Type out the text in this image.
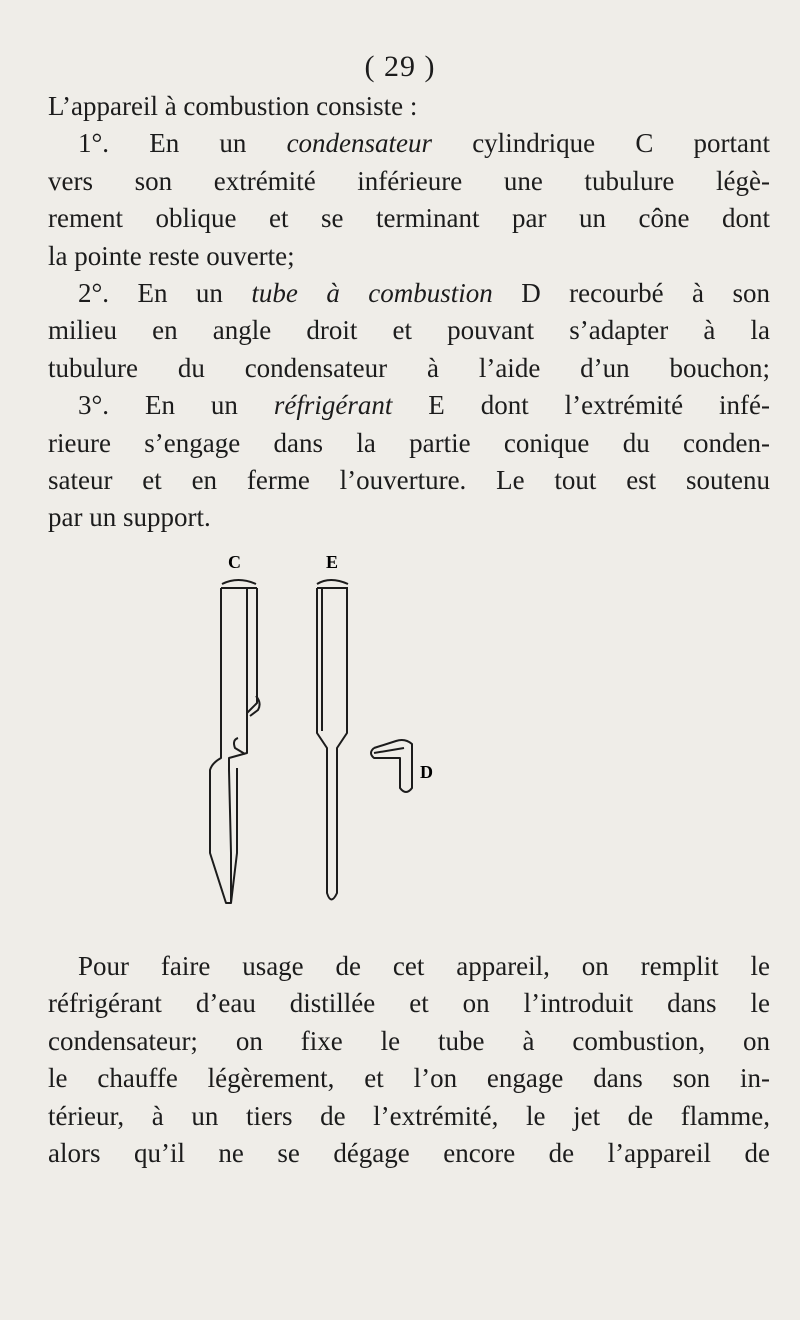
( 29 )
L’appareil à combustion consiste :
1°. En un condensateur cylindrique C portant
vers son extrémité inférieure une tubulure légè-
rement oblique et se terminant par un cône dont
la pointe reste ouverte;
2°. En un tube à combustion D recourbé à son
milieu en angle droit et pouvant s’adapter à la
tubulure du condensateur à l’aide d’un bouchon;
3°. En un réfrigérant E dont l’extrémité infé-
rieure s’engage dans la partie conique du conden-
sateur et en ferme l’ouverture. Le tout est soutenu
par un support.
C	E
D
Pour faire usage de cet appareil, on remplit le
réfrigérant d’eau distillée et on l’introduit dans le
condensateur; on fixe le tube à combustion, on
le chauffe légèrement, et l’on engage dans son in-
térieur, à un tiers de l’extrémité, le jet de flamme,
alors qu’il ne se dégage encore de l’appareil de
